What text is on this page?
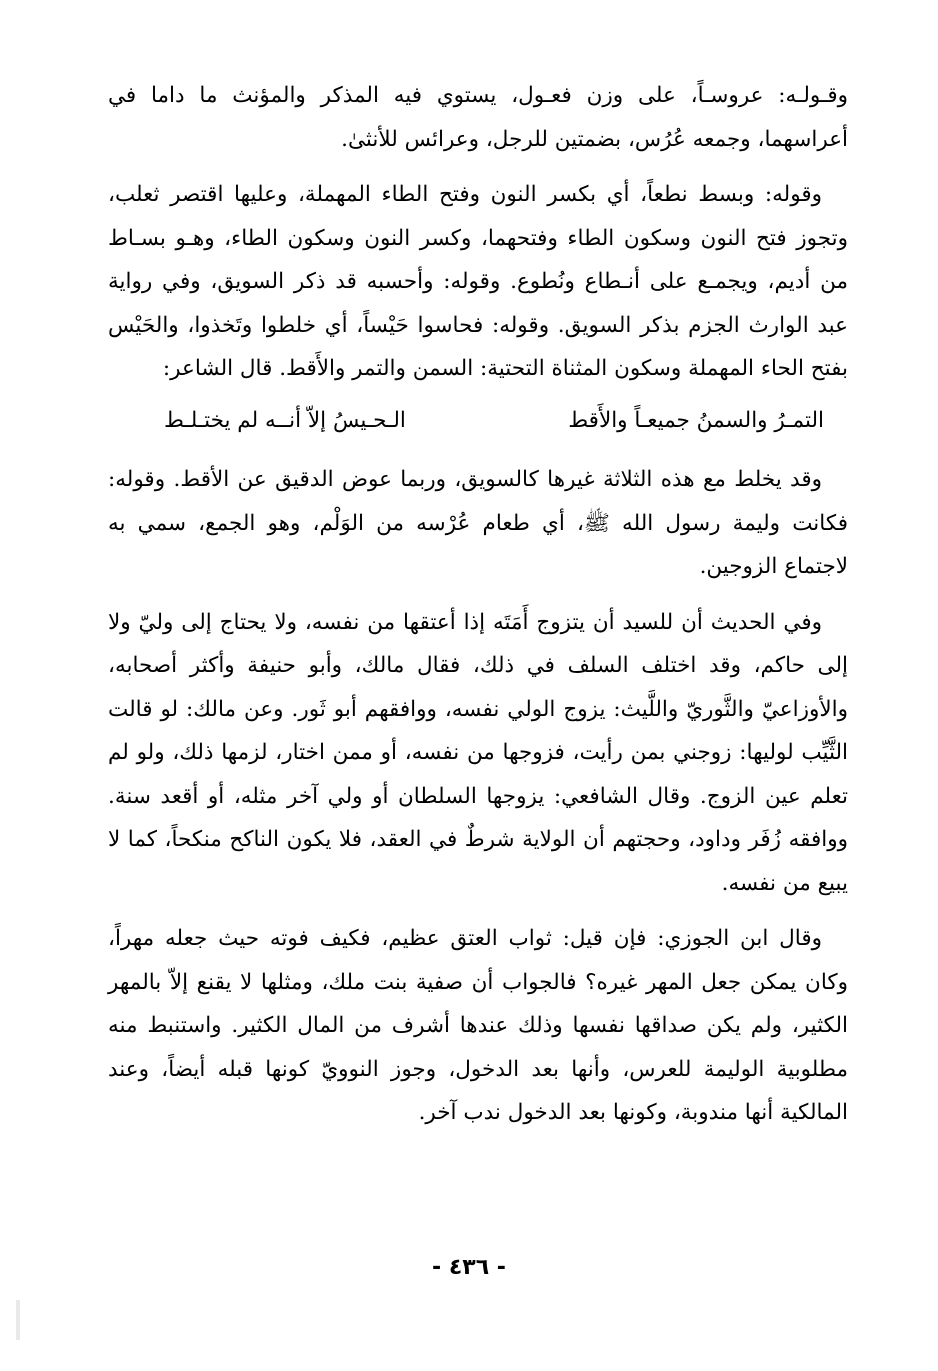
وقـولـه: عروسـاً، على وزن فعـول، يستوي فيه المذكر والمؤنث ما داما في أعراسهما، وجمعه عُرُس، بضمتين للرجل، وعرائس للأنثىٰ.

وقوله: وبسط نطعاً، أي بكسر النون وفتح الطاء المهملة، وعليها اقتصر ثعلب، وتجوز فتح النون وسكون الطاء وفتحهما، وكسر النون وسكون الطاء، وهـو بسـاط من أديم، ويجمـع على أنـطاع ونُطوع. وقوله: وأحسبه قد ذكر السويق، وفي رواية عبد الوارث الجزم بذكر السويق. وقوله: فحاسوا حَيْساً، أي خلطوا وتَخذوا، والحَيْس بفتح الحاء المهملة وسكون المثناة التحتية: السمن والتمر والأَقط. قال الشاعر:

التمـرُ والسمنُ جميعـاً والأَقط
الـحـيسُ إلاّ أنــه لم يختـلـط

وقد يخلط مع هذه الثلاثة غيرها كالسويق، وربما عوض الدقيق عن الأقط. وقوله: فكانت وليمة رسول الله ﷺ، أي طعام عُرْسه من الوَلْم، وهو الجمع، سمي به لاجتماع الزوجين.

وفي الحديث أن للسيد أن يتزوج أَمَتَه إذا أعتقها من نفسه، ولا يحتاج إلى وليّ ولا إلى حاكم، وقد اختلف السلف في ذلك، فقال مالك، وأبو حنيفة وأكثر أصحابه، والأوزاعيّ والثَّوريّ واللَّيث: يزوج الولي نفسه، ووافقهم أبو ثَور. وعن مالك: لو قالت الثَّيِّب لوليها: زوجني بمن رأيت، فزوجها من نفسه، أو ممن اختار، لزمها ذلك، ولو لم تعلم عين الزوج. وقال الشافعي: يزوجها السلطان أو ولي آخر مثله، أو أقعد سنة. ووافقه زُفَر وداود، وحجتهم أن الولاية شرطٌ في العقد، فلا يكون الناكح منكحاً، كما لا يبيع من نفسه.

وقال ابن الجوزي: فإن قيل: ثواب العتق عظيم، فكيف فوته حيث جعله مهراً، وكان يمكن جعل المهر غيره؟ فالجواب أن صفية بنت ملك، ومثلها لا يقنع إلاّ بالمهر الكثير، ولم يكن صداقها نفسها وذلك عندها أشرف من المال الكثير. واستنبط منه مطلوبية الوليمة للعرس، وأنها بعد الدخول، وجوز النوويّ كونها قبله أيضاً، وعند المالكية أنها مندوبة، وكونها بعد الدخول ندب آخر.

- ٤٣٦ -
